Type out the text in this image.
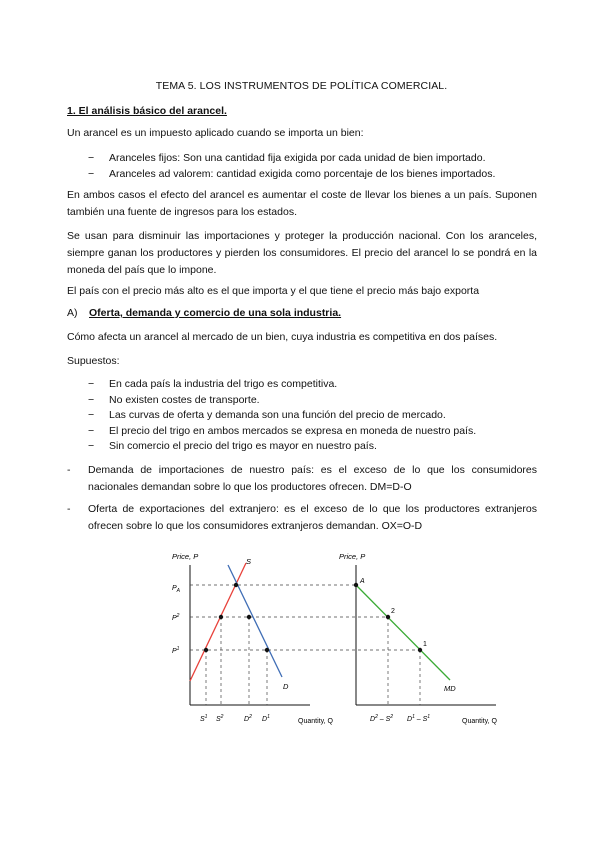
TEMA 5. LOS INSTRUMENTOS DE POLÍTICA COMERCIAL.
1. El análisis básico del arancel.
Un arancel es un impuesto aplicado cuando se importa un bien:
−	Aranceles fijos: Son una cantidad fija exigida por cada unidad de bien importado.
−	Aranceles ad valorem: cantidad exigida como porcentaje de los bienes importados.
En ambos casos el efecto del arancel es aumentar el coste de llevar los bienes a un país. Suponen también una fuente de ingresos para los estados.
Se usan para disminuir las importaciones y proteger la producción nacional. Con los aranceles, siempre ganan los productores y pierden los consumidores. El precio del arancel lo se pondrá en la moneda del país que lo impone.
El país con el precio más alto es el que importa y el que tiene el precio más bajo exporta
A) Oferta, demanda y comercio de una sola industria.
Cómo afecta un arancel al mercado de un bien, cuya industria es competitiva en dos países.
Supuestos:
−	En cada país la industria del trigo es competitiva.
−	No existen costes de transporte.
−	Las curvas de oferta y demanda son una función del precio de mercado.
−	El precio del trigo en ambos mercados se expresa en moneda de nuestro país.
−	Sin comercio el precio del trigo es mayor en nuestro país.
-	Demanda de importaciones de nuestro país: es el exceso de lo que los consumidores nacionales demandan sobre lo que los productores ofrecen. DM=D-O
-	Oferta de exportaciones del extranjero: es el exceso de lo que los productores extranjeros ofrecen sobre lo que los consumidores extranjeros demandan. OX=O-D
Price, P
Quantity, Q
$P_A$
$P^2$
$P^1$
S
D
$S^1$ $S^2$	$D^2$ $D^1$
Price, P
Quantity, Q
MD
A
2
1
$D^2 - S^2$ $D^1 - S^1$
